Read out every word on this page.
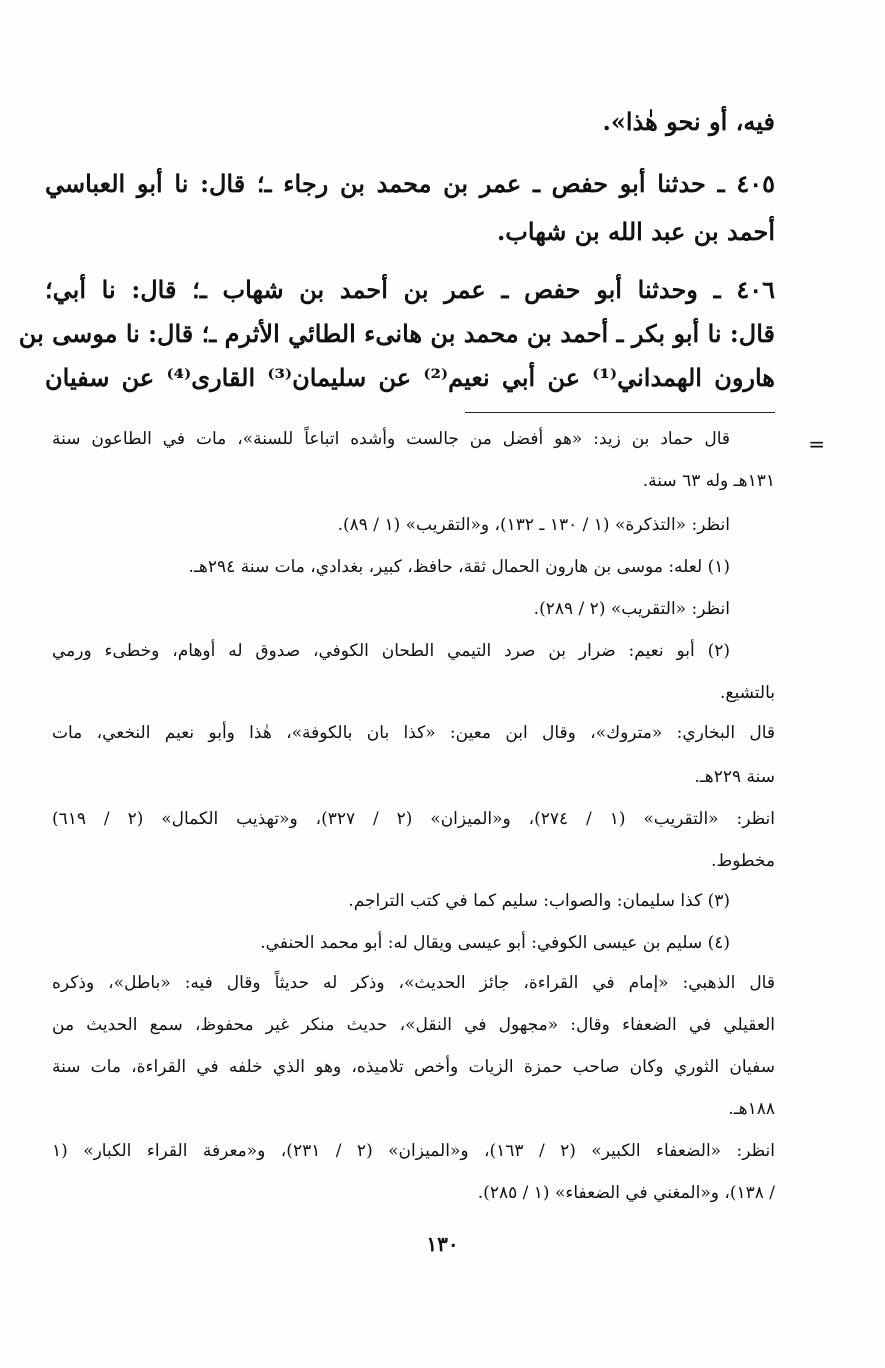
فيه، أو نحو هٰذا».
٤٠٥ ـ حدثنا أبو حفص ـ عمر بن محمد بن رجاء ـ؛ قال: نا أبو العباسي
أحمد بن عبد الله بن شهاب.
٤٠٦ ـ وحدثنا أبو حفص ـ عمر بن أحمد بن شهاب ـ؛ قال: نا أبي؛
قال: نا أبو بكر ـ أحمد بن محمد بن هانىء الطائي الأثرم ـ؛ قال: نا موسى بن
هارون الهمداني⁽¹⁾ عن أبي نعيم⁽²⁾ عن سليمان⁽³⁾ القارى⁽⁴⁾ عن سفيان
=
قال حماد بن زيد: «هو أفضل من جالست وأشده اتباعاً للسنة»، مات في الطاعون سنة
١٣١هـ وله ٦٣ سنة.
انظر: «التذكرة» (١ / ١٣٠ ـ ١٣٢)، و«التقريب» (١ / ٨٩).
(١) لعله: موسى بن هارون الحمال ثقة، حافظ، كبير، بغدادي، مات سنة ٢٩٤هـ.
انظر: «التقريب» (٢ / ٢٨٩).
(٢) أبو نعيم: ضرار بن صرد التيمي الطحان الكوفي، صدوق له أوهام، وخطىء ورمي
بالتشيع.
قال البخاري: «متروك»، وقال ابن معين: «كذا بان بالكوفة»، هٰذا وأبو نعيم النخعي، مات
سنة ٢٢٩هـ.
انظر: «التقريب» (١ / ٢٧٤)، و«الميزان» (٢ / ٣٢٧)، و«تهذيب الكمال» (٢ / ٦١٩)
مخطوط.
(٣) كذا سليمان: والصواب: سليم كما في كتب التراجم.
(٤) سليم بن عيسى الكوفي: أبو عيسى ويقال له: أبو محمد الحنفي.
قال الذهبي: «إمام في القراءة، جائز الحديث»، وذكر له حديثاً وقال فيه: «باطل»، وذكره
العقيلي في الضعفاء وقال: «مجهول في النقل»، حديث منكر غير محفوظ، سمع الحديث من
سفيان الثوري وكان صاحب حمزة الزيات وأخص تلاميذه، وهو الذي خلفه في القراءة، مات سنة
١٨٨هـ.
انظر: «الضعفاء الكبير» (٢ / ١٦٣)، و«الميزان» (٢ / ٢٣١)، و«معرفة القراء الكبار» (١
/ ١٣٨)، و«المغني في الضعفاء» (١ / ٢٨٥).
١٣٠
